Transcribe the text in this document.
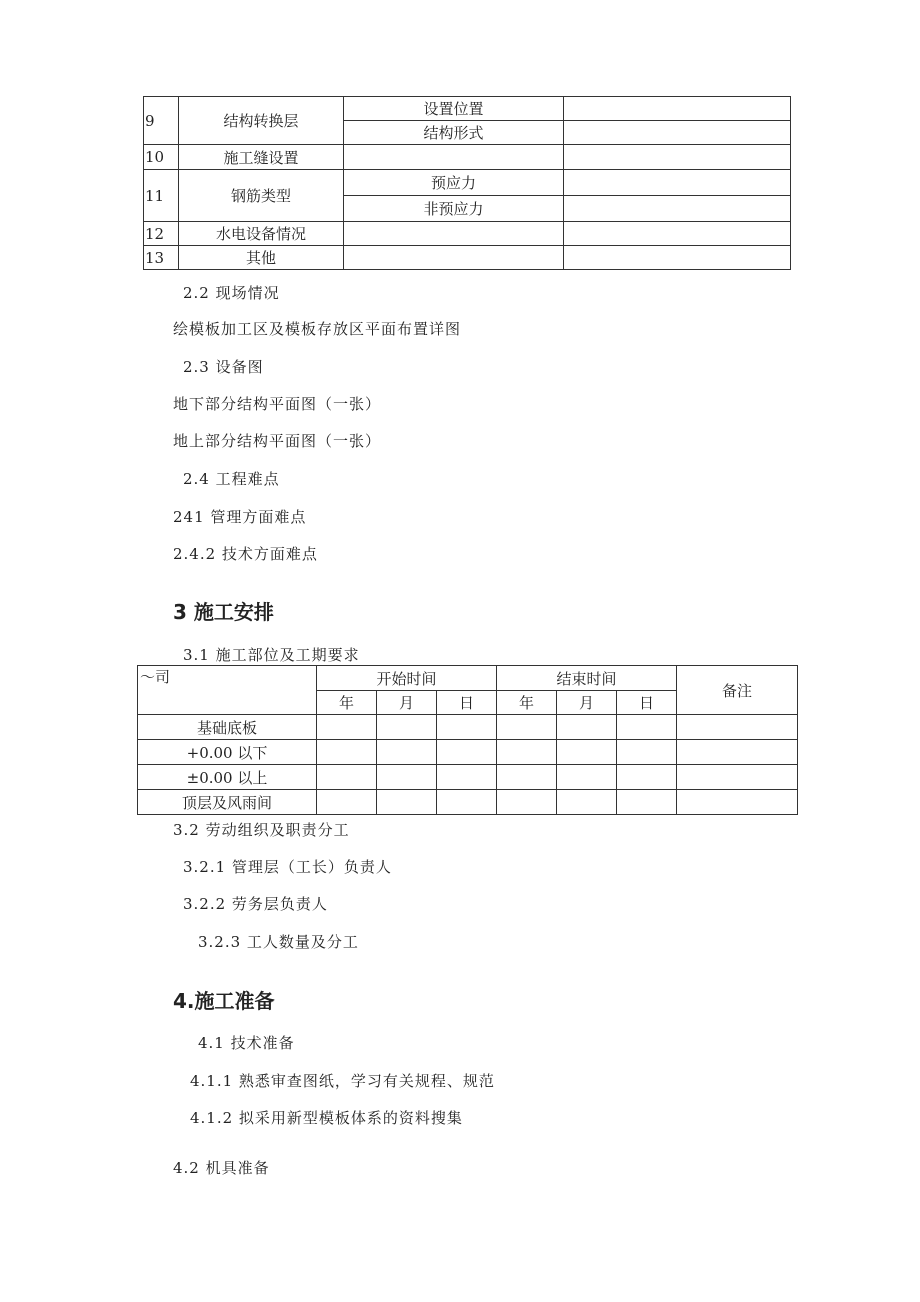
9	结构转换层	设置位置	
		结构形式	
10	施工缝设置		
11	钢筋类型	预应力	
		非预应力	
12	水电设备情况		
13	其他		
2.2 现场情况
绘模板加工区及模板存放区平面布置详图
2.3 设备图
地下部分结构平面图（一张）
地上部分结构平面图（一张）
2.4 工程难点
241 管理方面难点
2.4.2 技术方面难点
3 施工安排
3.1 施工部位及工期要求
～司	开始时间			结束时间			备注
	年	月	日	年	月	日	
基础底板							
+0.00 以下							
±0.00 以上							
顶层及风雨间							
3.2 劳动组织及职责分工
3.2.1 管理层（工长）负责人
3.2.2 劳务层负责人
3.2.3 工人数量及分工
4.施工准备
4.1 技术准备
4.1.1 熟悉审查图纸，学习有关规程、规范
4.1.2 拟采用新型模板体系的资料搜集
4.2 机具准备
